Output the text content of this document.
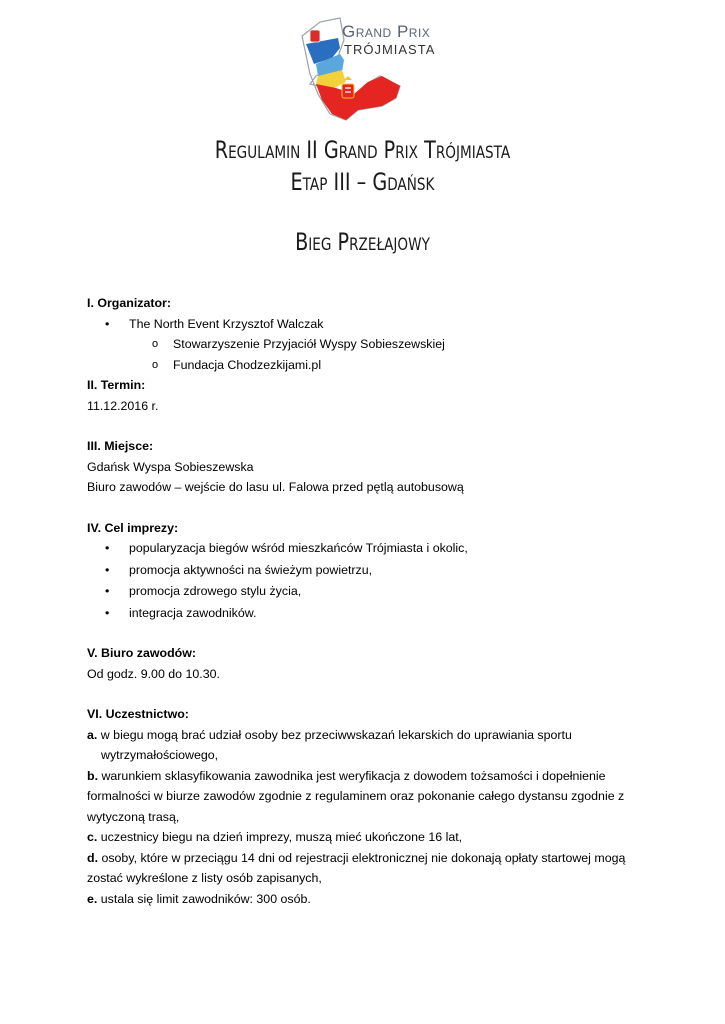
Grand Prix
TRÓJMIASTA
Regulamin II Grand Prix Trójmiasta
Etap III – Gdańsk
Bieg Przełajowy

I. Organizator:

• The North Event Krzysztof Walczak

o Stowarzyszenie Przyjaciół Wyspy Sobieszewskiej

o Fundacja Chodzezkijami.pl

II. Termin:

11.12.2016 r.

III. Miejsce:

Gdańsk Wyspa Sobieszewska

Biuro zawodów – wejście do lasu ul. Falowa przed pętlą autobusową

IV. Cel imprezy:

• popularyzacja biegów wśród mieszkańców Trójmiasta i okolic,

• promocja aktywności na świeżym powietrzu,

• promocja zdrowego stylu życia,

• integracja zawodników.

V. Biuro zawodów:

Od godz. 9.00 do 10.30.

VI. Uczestnictwo:

a. w biegu mogą brać udział osoby bez przeciwwskazań lekarskich do uprawiania sportu

wytrzymałościowego,

b. warunkiem sklasyfikowania zawodnika jest weryfikacja z dowodem tożsamości i dopełnienie

formalności w biurze zawodów zgodnie z regulaminem oraz pokonanie całego dystansu zgodnie z

wytyczoną trasą,

c. uczestnicy biegu na dzień imprezy, muszą mieć ukończone 16 lat,

d. osoby, które w przeciągu 14 dni od rejestracji elektronicznej nie dokonają opłaty startowej mogą

zostać wykreślone z listy osób zapisanych,

e. ustala się limit zawodników: 300 osób.
